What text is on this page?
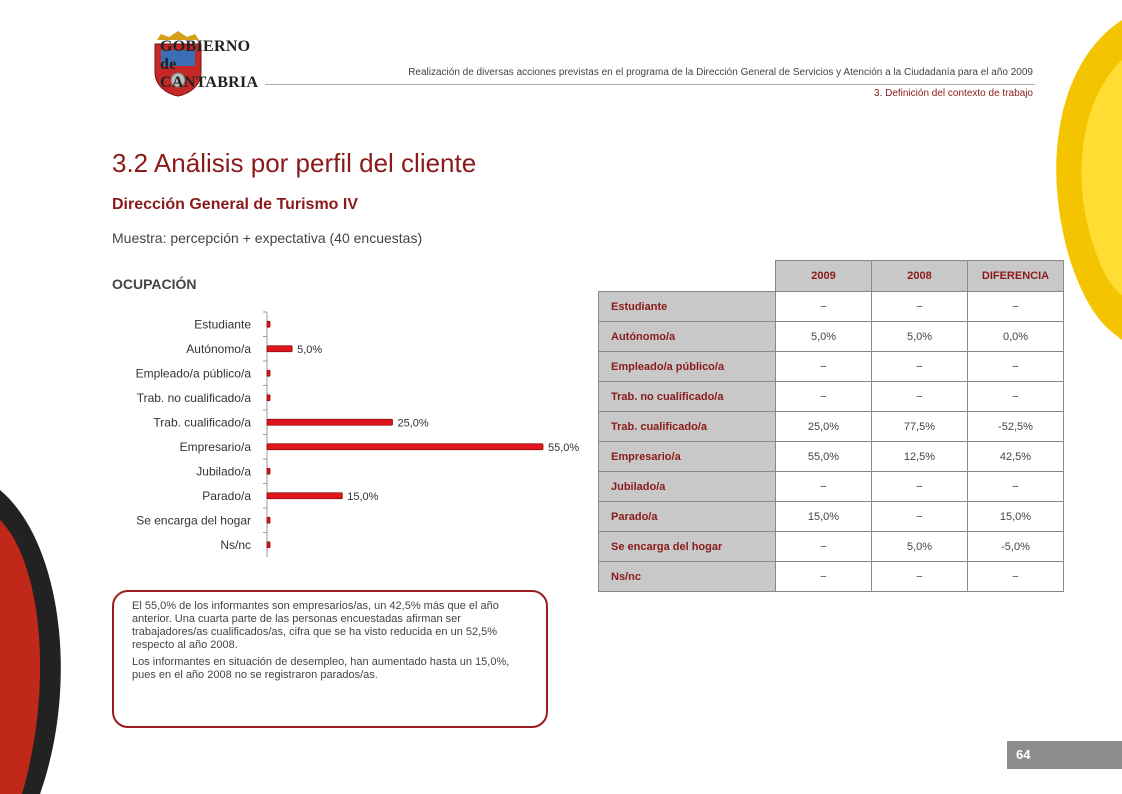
GOBIERNO
de
CANTABRIA
Realización de diversas acciones previstas en el programa de la Dirección General de Servicios y Atención a la Ciudadanía para el año 2009
3. Definición del contexto de trabajo
3.2 Análisis por perfil del cliente
Dirección General de Turismo IV
Muestra: percepción + expectativa (40 encuestas)
OCUPACIÓN
Estudiante
Autónomo/a	5,0%
Empleado/a público/a
Trab. no cualificado/a
Trab. cualificado/a	25,0%
Empresario/a	55,0%
Jubilado/a
Parado/a	15,0%
Se encarga del hogar
Ns/nc
	2009	2008	DIFERENCIA
Estudiante	−	−	−
Autónomo/a	5,0%	5,0%	0,0%
Empleado/a público/a	−	−	−
Trab. no cualificado/a	−	−	−
Trab. cualificado/a	25,0%	77,5%	-52,5%
Empresario/a	55,0%	12,5%	42,5%
Jubilado/a	−	−	−
Parado/a	15,0%	−	15,0%
Se encarga del hogar	−	5,0%	-5,0%
Ns/nc	−	−	−

El 55,0% de los informantes son empresarios/as, un 42,5% más que el año anterior. Una cuarta parte de las personas encuestadas afirman ser trabajadores/as cualificados/as, cifra que se ha visto reducida en un 52,5% respecto al año 2008.

Los informantes en situación de desempleo, han aumentado hasta un 15,0%, pues en el año 2008 no se registraron parados/as.

64
